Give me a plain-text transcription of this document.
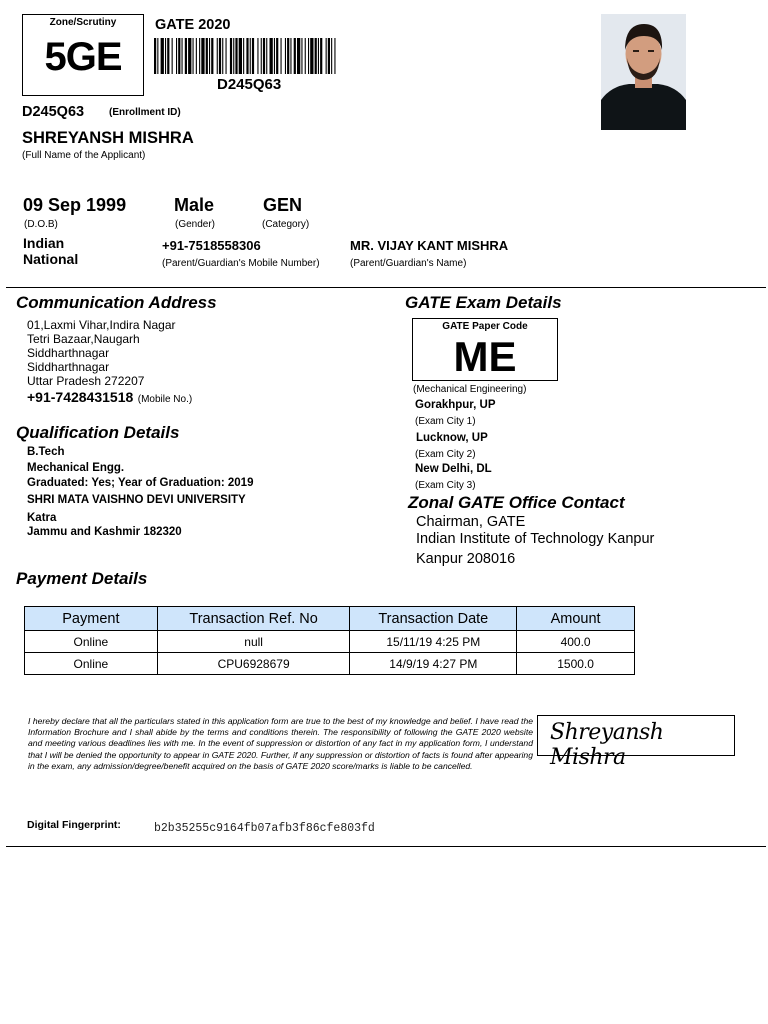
Zone/Scrutiny
5GE
GATE 2020
D245Q63
D245Q63 (Enrollment ID)
SHREYANSH MISHRA
(Full Name of the Applicant)
09 Sep 1999
(D.O.B)
Male
(Gender)
GEN
(Category)
Indian
National
+91-7518558306
(Parent/Guardian's Mobile Number)
MR. VIJAY KANT MISHRA
(Parent/Guardian's Name)
Communication Address
01,Laxmi Vihar,Indira Nagar
Tetri Bazaar,Naugarh
Siddharthnagar
Siddharthnagar
Uttar Pradesh 272207
+91-7428431518 (Mobile No.)
Qualification Details
B.Tech
Mechanical Engg.
Graduated: Yes; Year of Graduation: 2019
SHRI MATA VAISHNO DEVI UNIVERSITY
Katra
Jammu and Kashmir 182320
GATE Exam Details
GATE Paper Code
ME
(Mechanical Engineering)
Gorakhpur, UP
(Exam City 1)
Lucknow, UP
(Exam City 2)
New Delhi, DL
(Exam City 3)
Zonal GATE Office Contact
Chairman, GATE
Indian Institute of Technology Kanpur
Kanpur 208016
Payment Details
Payment	Transaction Ref. No	Transaction Date	Amount
Online	null	15/11/19 4:25 PM	400.0
Online	CPU6928679	14/9/19 4:27 PM	1500.0
I hereby declare that all the particulars stated in this application form are true to the best of my knowledge and belief. I have read the Information Brochure and I shall abide by the terms and conditions therein. The responsibility of following the GATE 2020 website and meeting various deadlines lies with me. In the event of suppression or distortion of any fact in my application form, I understand that I will be denied the opportunity to appear in GATE 2020. Further, if any suppression or distortion of facts is found after appearing in the exam, any admission/degree/benefit acquired on the basis of GATE 2020 score/marks is liable to be cancelled.
Shreyansh Mishra
Digital Fingerprint:	b2b35255c9164fb07afb3f86cfe803fd
